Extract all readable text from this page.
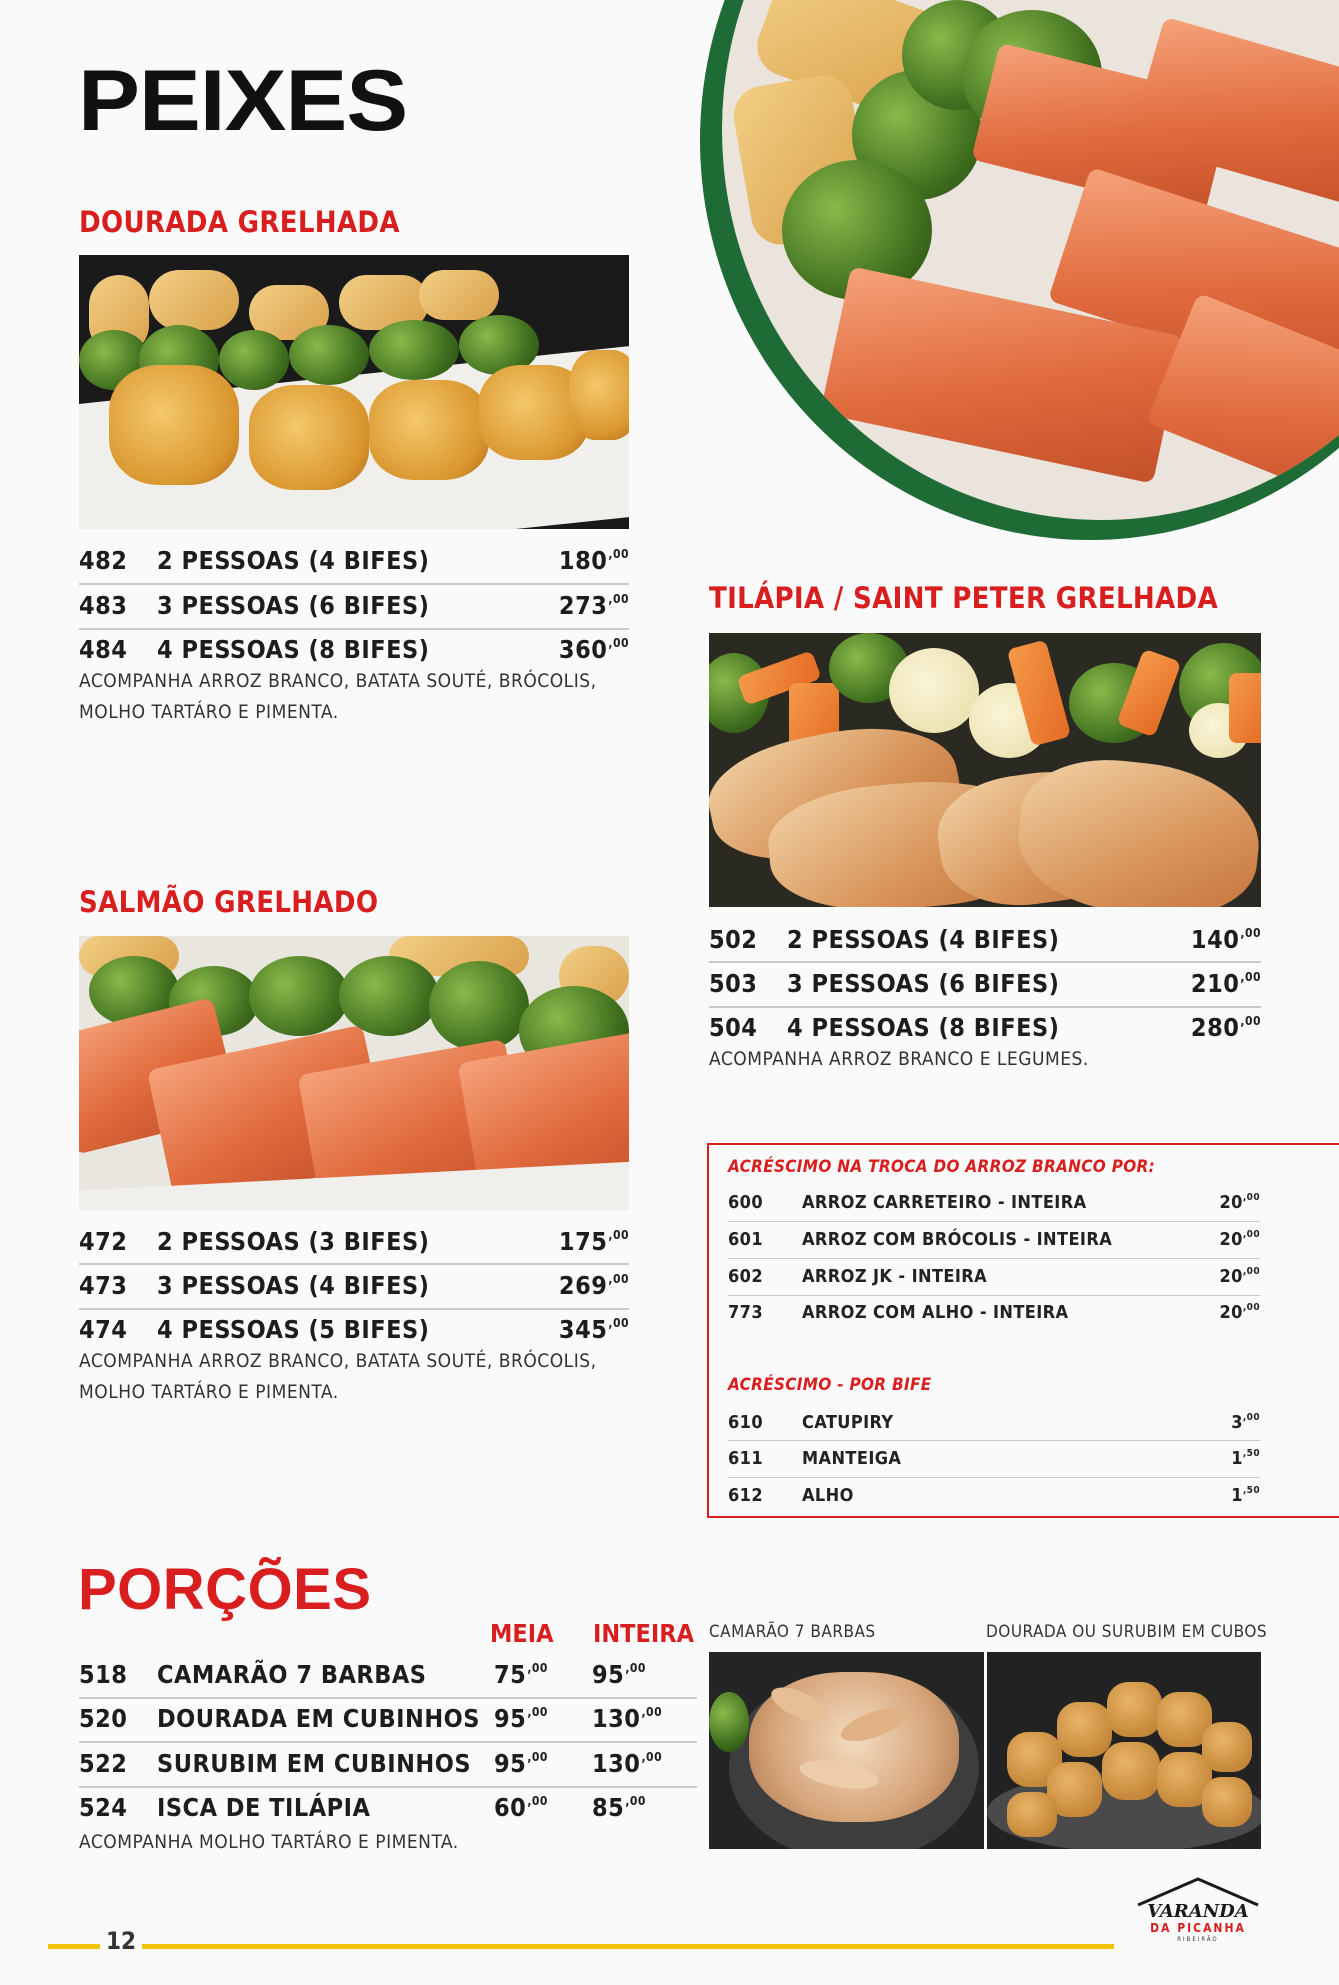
PEIXES
DOURADA GRELHADA
482	2 PESSOAS (4 BIFES)	$180^{,00}$
483	3 PESSOAS (6 BIFES)	$273^{,00}$
484	4 PESSOAS (8 BIFES)	$360^{,00}$
ACOMPANHA ARROZ BRANCO, BATATA SOUTÉ, BRÓCOLIS,
MOLHO TARTÁRO E PIMENTA.
TILÁPIA / SAINT PETER GRELHADA
502	2 PESSOAS (4 BIFES)	$140^{,00}$
503	3 PESSOAS (6 BIFES)	$210^{,00}$
504	4 PESSOAS (8 BIFES)	$280^{,00}$
ACOMPANHA ARROZ BRANCO E LEGUMES.
SALMÃO GRELHADO
472	2 PESSOAS (3 BIFES)	$175^{,00}$
473	3 PESSOAS (4 BIFES)	$269^{,00}$
474	4 PESSOAS (5 BIFES)	$345^{,00}$
ACOMPANHA ARROZ BRANCO, BATATA SOUTÉ, BRÓCOLIS,
MOLHO TARTÁRO E PIMENTA.
ACRÉSCIMO NA TROCA DO ARROZ BRANCO POR:
600	ARROZ CARRETEIRO - INTEIRA	$20^{,00}$
601	ARROZ COM BRÓCOLIS - INTEIRA	$20^{,00}$
602	ARROZ JK - INTEIRA	$20^{,00}$
773	ARROZ COM ALHO - INTEIRA	$20^{,00}$
ACRÉSCIMO - POR BIFE
610	CATUPIRY	$3^{,00}$
611	MANTEIGA	$1^{,50}$
612	ALHO	$1^{,50}$
PORÇÕES
MEIA INTEIRA
518	CAMARÃO 7 BARBAS	$75^{,00}$	$95^{,00}$
520	DOURADA EM CUBINHOS $95^{,00}$	$130^{,00}$
522	SURUBIM EM CUBINHOS $95^{,00}$	$130^{,00}$
524	ISCA DE TILÁPIA	$60^{,00}$	$85^{,00}$
ACOMPANHA MOLHO TARTÁRO E PIMENTA.
CAMARÃO 7 BARBAS	DOURADA OU SURUBIM EM CUBOS
VARANDA
DA PICANHA
RIBEIRÃO
12
